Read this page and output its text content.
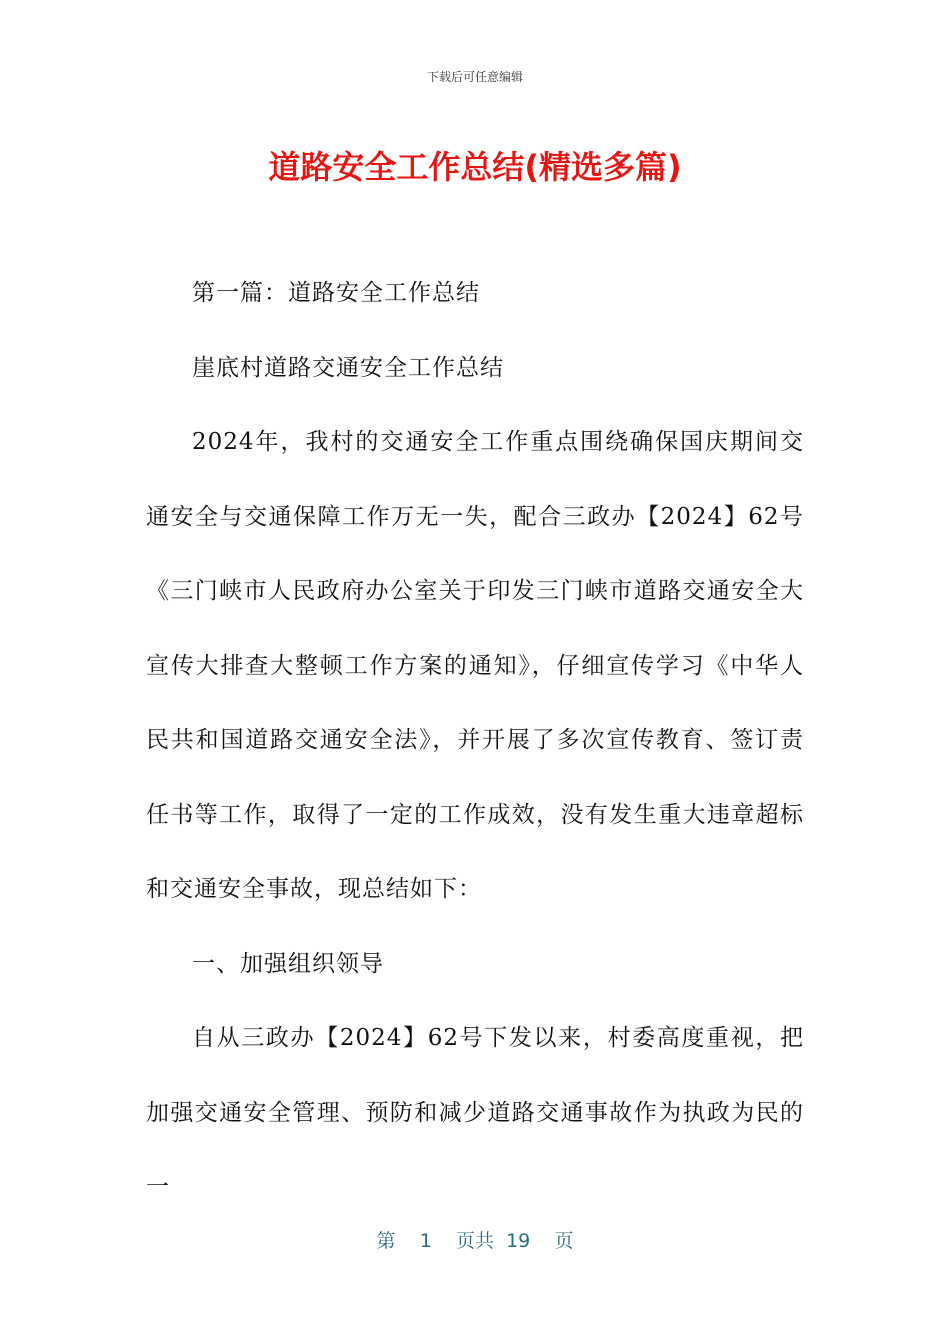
下载后可任意编辑
道路安全工作总结(精选多篇)

第一篇：道路安全工作总结

崖底村道路交通安全工作总结

2024年，我村的交通安全工作重点围绕确保国庆期间交通安全与交通保障工作万无一失，配合三政办【2024】62号《三门峡市人民政府办公室关于印发三门峡市道路交通安全大宣传大排查大整顿工作方案的通知》，仔细宣传学习《中华人民共和国道路交通安全法》，并开展了多次宣传教育、签订责任书等工作，取得了一定的工作成效，没有发生重大违章超标和交通安全事故，现总结如下：

一、加强组织领导

自从三政办【2024】62号下发以来，村委高度重视，把加强交通安全管理、预防和减少道路交通事故作为执政为民的一

第 1 页共 19 页
